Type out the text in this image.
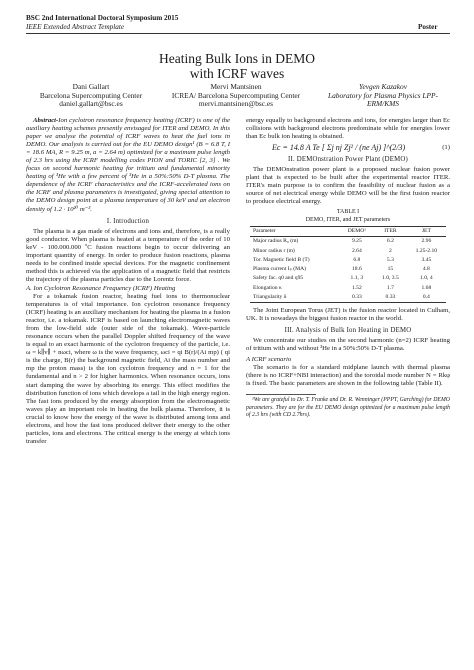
BSC 2nd International Doctoral Symposium 2015
IEEE Extended Abstract Template	Poster
Heating Bulk Ions in DEMO
with ICRF waves
Dani Gallart
Barcelona Supercomputing Center
daniel.gallart@bsc.es
Mervi Mantsinen
ICREA/ Barcelona Supercomputing Center
mervi.mantsinen@bsc.es
Yevgen Kazakov
Laboratory for Plasma Physics LPP-
ERM/KMS

Abstract-Ion cyclotron resonance frequency heating (ICRF) is one of the auxiliary heating schemes presently envisaged for ITER and DEMO. In this paper we analyse the potential of ICRF waves to heat the fuel ions in DEMO. Our analysis is carried out for the EU DEMO design¹ (B = 6.8 T, I = 18.6 MA, R = 9.25 m, a = 2.64 m) optimized for a maximum pulse length of 2.3 hrs using the ICRF modelling codes PION and TORIC [2, 3] . We focus on second harmonic heating for tritium and fundamental minority heating of ³He with a few percent of ³He in a 50%:50% D-T plasma. The dependence of the ICRF characteristics and the ICRF-accelerated ions on the ICRF and plasma parameters is investigated, giving special attention to the DEMO design point at a plasma temperature of 30 keV and an electron density of 1.2 · 10²⁰ m⁻³.

I. Introduction

The plasma is a gas made of electrons and ions and, therefore, is a really good conductor. When plasma is heated at a temperature of the order of 10 keV - 100.000.000 ºC fusion reactions begin to occur delivering an important quantity of energy. In order to produce fusion reactions, plasma needs to be confined inside special devices. For the magnetic confinement method this is achieved via the application of a magnetic field that restricts the trajectory of the plasma particles due to the Lorentz force.

A. Ion Cyclotron Resonance Frequency (ICRF) Heating

For a tokamak fusion reactor, heating fuel ions to thermonuclear temperatures is of vital importance. Ion cyclotron resonance frequency (ICRF) heating is an auxiliary mechanism for heating the plasma in a fusion reactor, i.e. a tokamak. ICRF is based on launching electromagnetic waves from the low-field side (outer side of the tokamak). Wave-particle resonance occurs when the parallel Doppler shifted frequency of the wave is equal to an exact harmonic of the cyclotron frequency of the particle, i.e. ω = k∥v∥ + nωci, where ω is the wave frequency, ωci = qi B(r)/(Ai mp) ( qi is the charge, B(r) the background magnetic field, Ai the mass number and mp the proton mass) is the ion cyclotron frequency and n = 1 for the fundamental and n > 2 for higher harmonics. When resonance occurs, ions start damping the wave by absorbing its energy. This effect modifies the distribution function of ions which develops a tail in the high energy region. The fast ions produced by the energy absorption from the electromagnetic waves play an important role in heating the bulk plasma. Therefore, it is crucial to know how the energy of the wave is distributed among ions and electrons, and how the fast ions produced deliver their energy to the other particles, ions and electrons. The critical energy is the energy at which ions transfer

energy equally to background electrons and ions, for energies larger than Ec collisions with background electrons predominate while for energies lower than Ec bulk ion heating is obtained.

Ec = 14.8 A Te [ Σj nj Zj² / (ne Aj) ]^(2/3)	(1)
II. DEMOnstration Power Plant (DEMO)

The DEMOnstration power plant is a proposed nuclear fusion power plant that is expected to be built after the experimental reactor ITER. ITER's main purpose is to confirm the feasibility of nuclear fusion as a source of net electrical energy while DEMO will be the first fusion reactor to produce electrical energy.

TABLE I
DEMO, ITER, and JET parameters
Parameter	DEMO¹	ITER	JET
Major radius R₀ (m)	9.25	6.2	2.96
Minor radius r (m)	2.64	2	1.25-2.10
Tor. Magnetic field B (T)	6.8	5.3	3.45
Plasma current Iₚ (MA)	18.6	15	4.8
Safety fac. q0 and q95	1.1, 3	1.0, 3.5	1.0, 4
Elongation κ	1.52	1.7	1.68
Triangularity δ	0.33	0.33	0.4

The Joint European Torus (JET) is the fusion reactor located in Culham, UK. It is nowadays the biggest fusion reactor in the world.

III. Analysis of Bulk Ion Heating in DEMO

We concentrate our studies on the second harmonic (n=2) ICRF heating of tritium with and without ³He in a 50%:50% D-T plasma.

A ICRF scenario

The scenario is for a standard midplane launch with thermal plasma (there is no ICRF+NBI interaction) and the toroidal mode number N = Rkφ is fixed. The basic parameters are shown in the following table (Table II).

¹We are grateful to Dr. T. Franke and Dr. R. Wenninger (PPPT, Garching) for DEMO parameters. They are for the EU DEMO design optimized for a maximum pulse length of 2.3 hrs (with CD 2.7hrs).
